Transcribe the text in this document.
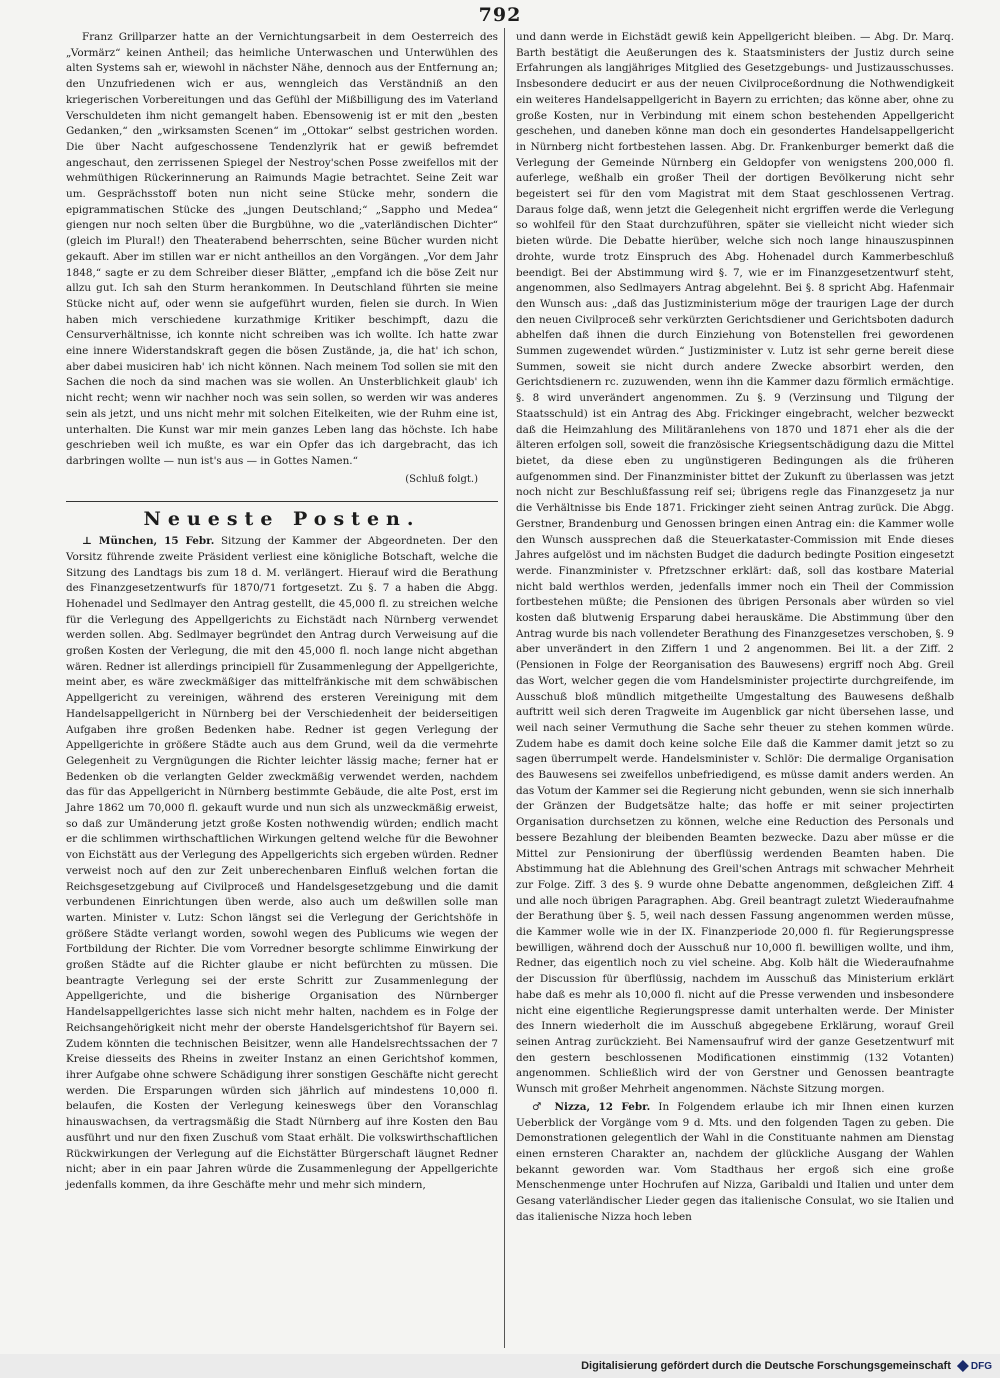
792

Franz Grillparzer hatte an der Vernichtungsarbeit in dem Oesterreich des „Vormärz“ keinen Antheil; das heimliche Unterwaschen und Unterwühlen des alten Systems sah er, wiewohl in nächster Nähe, dennoch aus der Entfernung an; den Unzufriedenen wich er aus, wenngleich das Verständniß an den kriegerischen Vorbereitungen und das Gefühl der Mißbilligung des im Vaterland Verschuldeten ihm nicht gemangelt haben. Ebensowenig ist er mit den „besten Gedanken,“ den „wirksamsten Scenen“ im „Ottokar“ selbst gestrichen worden. Die über Nacht aufgeschossene Tendenzlyrik hat er gewiß befremdet angeschaut, den zerrissenen Spiegel der Nestroy'schen Posse zweifellos mit der wehmüthigen Rückerinnerung an Raimunds Magie betrachtet. Seine Zeit war um. Gesprächsstoff boten nun nicht seine Stücke mehr, sondern die epigrammatischen Stücke des „jungen Deutschland;“ „Sappho und Medea“ giengen nur noch selten über die Burgbühne, wo die „vaterländischen Dichter“ (gleich im Plural!) den Theaterabend beherrschten, seine Bücher wurden nicht gekauft. Aber im stillen war er nicht antheillos an den Vorgängen. „Vor dem Jahr 1848,“ sagte er zu dem Schreiber dieser Blätter, „empfand ich die böse Zeit nur allzu gut. Ich sah den Sturm herankommen. In Deutschland führten sie meine Stücke nicht auf, oder wenn sie aufgeführt wurden, fielen sie durch. In Wien haben mich verschiedene kurzathmige Kritiker beschimpft, dazu die Censurverhältnisse, ich konnte nicht schreiben was ich wollte. Ich hatte zwar eine innere Widerstandskraft gegen die bösen Zustände, ja, die hat' ich schon, aber dabei musiciren hab' ich nicht können. Nach meinem Tod sollen sie mit den Sachen die noch da sind machen was sie wollen. An Unsterblichkeit glaub' ich nicht recht; wenn wir nachher noch was sein sollen, so werden wir was anderes sein als jetzt, und uns nicht mehr mit solchen Eitelkeiten, wie der Ruhm eine ist, unterhalten. Die Kunst war mir mein ganzes Leben lang das höchste. Ich habe geschrieben weil ich mußte, es war ein Opfer das ich dargebracht, das ich darbringen wollte — nun ist's aus — in Gottes Namen.“

(Schluß folgt.)
Neueste Posten.

⊥ München, 15 Febr. Sitzung der Kammer der Abgeordneten. Der den Vorsitz führende zweite Präsident verliest eine königliche Botschaft, welche die Sitzung des Landtags bis zum 18 d. M. verlängert. Hierauf wird die Berathung des Finanzgesetzentwurfs für 1870/71 fortgesetzt. Zu §. 7 a haben die Abgg. Hohenadel und Sedlmayer den Antrag gestellt, die 45,000 fl. zu streichen welche für die Verlegung des Appellgerichts zu Eichstädt nach Nürnberg verwendet werden sollen. Abg. Sedlmayer begründet den Antrag durch Verweisung auf die großen Kosten der Verlegung, die mit den 45,000 fl. noch lange nicht abgethan wären. Redner ist allerdings principiell für Zusammenlegung der Appellgerichte, meint aber, es wäre zweckmäßiger das mittelfränkische mit dem schwäbischen Appellgericht zu vereinigen, während des ersteren Vereinigung mit dem Handelsappellgericht in Nürnberg bei der Verschiedenheit der beiderseitigen Aufgaben ihre großen Bedenken habe. Redner ist gegen Verlegung der Appellgerichte in größere Städte auch aus dem Grund, weil da die vermehrte Gelegenheit zu Vergnügungen die Richter leichter lässig mache; ferner hat er Bedenken ob die verlangten Gelder zweckmäßig verwendet werden, nachdem das für das Appellgericht in Nürnberg bestimmte Gebäude, die alte Post, erst im Jahre 1862 um 70,000 fl. gekauft wurde und nun sich als unzweckmäßig erweist, so daß zur Umänderung jetzt große Kosten nothwendig würden; endlich macht er die schlimmen wirthschaftlichen Wirkungen geltend welche für die Bewohner von Eichstätt aus der Verlegung des Appellgerichts sich ergeben würden. Redner verweist noch auf den zur Zeit unberechenbaren Einfluß welchen fortan die Reichsgesetzgebung auf Civilproceß und Handelsgesetzgebung und die damit verbundenen Einrichtungen üben werde, also auch um deßwillen solle man warten. Minister v. Lutz: Schon längst sei die Verlegung der Gerichtshöfe in größere Städte verlangt worden, sowohl wegen des Publicums wie wegen der Fortbildung der Richter. Die vom Vorredner besorgte schlimme Einwirkung der großen Städte auf die Richter glaube er nicht befürchten zu müssen. Die beantragte Verlegung sei der erste Schritt zur Zusammenlegung der Appellgerichte, und die bisherige Organisation des Nürnberger Handelsappellgerichtes lasse sich nicht mehr halten, nachdem es in Folge der Reichsangehörigkeit nicht mehr der oberste Handelsgerichtshof für Bayern sei. Zudem könnten die technischen Beisitzer, wenn alle Handelsrechtssachen der 7 Kreise diesseits des Rheins in zweiter Instanz an einen Gerichtshof kommen, ihrer Aufgabe ohne schwere Schädigung ihrer sonstigen Geschäfte nicht gerecht werden. Die Ersparungen würden sich jährlich auf mindestens 10,000 fl. belaufen, die Kosten der Verlegung keineswegs über den Voranschlag hinauswachsen, da vertragsmäßig die Stadt Nürnberg auf ihre Kosten den Bau ausführt und nur den fixen Zuschuß vom Staat erhält. Die volkswirthschaftlichen Rückwirkungen der Verlegung auf die Eichstätter Bürgerschaft läugnet Redner nicht; aber in ein paar Jahren würde die Zusammenlegung der Appellgerichte jedenfalls kommen, da ihre Geschäfte mehr und mehr sich mindern,

und dann werde in Eichstädt gewiß kein Appellgericht bleiben. — Abg. Dr. Marq. Barth bestätigt die Aeußerungen des k. Staatsministers der Justiz durch seine Erfahrungen als langjähriges Mitglied des Gesetzgebungs- und Justizausschusses. Insbesondere deducirt er aus der neuen Civilproceßordnung die Nothwendigkeit ein weiteres Handelsappellgericht in Bayern zu errichten; das könne aber, ohne zu große Kosten, nur in Verbindung mit einem schon bestehenden Appellgericht geschehen, und daneben könne man doch ein gesondertes Handelsappellgericht in Nürnberg nicht fortbestehen lassen. Abg. Dr. Frankenburger bemerkt daß die Verlegung der Gemeinde Nürnberg ein Geldopfer von wenigstens 200,000 fl. auferlege, weßhalb ein großer Theil der dortigen Bevölkerung nicht sehr begeistert sei für den vom Magistrat mit dem Staat geschlossenen Vertrag. Daraus folge daß, wenn jetzt die Gelegenheit nicht ergriffen werde die Verlegung so wohlfeil für den Staat durchzuführen, später sie vielleicht nicht wieder sich bieten würde. Die Debatte hierüber, welche sich noch lange hinauszuspinnen drohte, wurde trotz Einspruch des Abg. Hohenadel durch Kammerbeschluß beendigt. Bei der Abstimmung wird §. 7, wie er im Finanzgesetzentwurf steht, angenommen, also Sedlmayers Antrag abgelehnt. Bei §. 8 spricht Abg. Hafenmair den Wunsch aus: „daß das Justizministerium möge der traurigen Lage der durch den neuen Civilproceß sehr verkürzten Gerichtsdiener und Gerichtsboten dadurch abhelfen daß ihnen die durch Einziehung von Botenstellen frei gewordenen Summen zugewendet würden.“ Justizminister v. Lutz ist sehr gerne bereit diese Summen, soweit sie nicht durch andere Zwecke absorbirt werden, den Gerichtsdienern rc. zuzuwenden, wenn ihn die Kammer dazu förmlich ermächtige. §. 8 wird unverändert angenommen. Zu §. 9 (Verzinsung und Tilgung der Staatsschuld) ist ein Antrag des Abg. Frickinger eingebracht, welcher bezweckt daß die Heimzahlung des Militäranlehens von 1870 und 1871 eher als die der älteren erfolgen soll, soweit die französische Kriegsentschädigung dazu die Mittel bietet, da diese eben zu ungünstigeren Bedingungen als die früheren aufgenommen sind. Der Finanzminister bittet der Zukunft zu überlassen was jetzt noch nicht zur Beschlußfassung reif sei; übrigens regle das Finanzgesetz ja nur die Verhältnisse bis Ende 1871. Frickinger zieht seinen Antrag zurück. Die Abgg. Gerstner, Brandenburg und Genossen bringen einen Antrag ein: die Kammer wolle den Wunsch aussprechen daß die Steuerkataster-Commission mit Ende dieses Jahres aufgelöst und im nächsten Budget die dadurch bedingte Position eingesetzt werde. Finanzminister v. Pfretzschner erklärt: daß, soll das kostbare Material nicht bald werthlos werden, jedenfalls immer noch ein Theil der Commission fortbestehen müßte; die Pensionen des übrigen Personals aber würden so viel kosten daß blutwenig Ersparung dabei herauskäme. Die Abstimmung über den Antrag wurde bis nach vollendeter Berathung des Finanzgesetzes verschoben, §. 9 aber unverändert in den Ziffern 1 und 2 angenommen. Bei lit. a der Ziff. 2 (Pensionen in Folge der Reorganisation des Bauwesens) ergriff noch Abg. Greil das Wort, welcher gegen die vom Handelsminister projectirte durchgreifende, im Ausschuß bloß mündlich mitgetheilte Umgestaltung des Bauwesens deßhalb auftritt weil sich deren Tragweite im Augenblick gar nicht übersehen lasse, und weil nach seiner Vermuthung die Sache sehr theuer zu stehen kommen würde. Zudem habe es damit doch keine solche Eile daß die Kammer damit jetzt so zu sagen überrumpelt werde. Handelsminister v. Schlör: Die dermalige Organisation des Bauwesens sei zweifellos unbefriedigend, es müsse damit anders werden. An das Votum der Kammer sei die Regierung nicht gebunden, wenn sie sich innerhalb der Gränzen der Budgetsätze halte; das hoffe er mit seiner projectirten Organisation durchsetzen zu können, welche eine Reduction des Personals und bessere Bezahlung der bleibenden Beamten bezwecke. Dazu aber müsse er die Mittel zur Pensionirung der überflüssig werdenden Beamten haben. Die Abstimmung hat die Ablehnung des Greil'schen Antrags mit schwacher Mehrheit zur Folge. Ziff. 3 des §. 9 wurde ohne Debatte angenommen, deßgleichen Ziff. 4 und alle noch übrigen Paragraphen. Abg. Greil beantragt zuletzt Wiederaufnahme der Berathung über §. 5, weil nach dessen Fassung angenommen werden müsse, die Kammer wolle wie in der IX. Finanzperiode 20,000 fl. für Regierungspresse bewilligen, während doch der Ausschuß nur 10,000 fl. bewilligen wollte, und ihm, Redner, das eigentlich noch zu viel scheine. Abg. Kolb hält die Wiederaufnahme der Discussion für überflüssig, nachdem im Ausschuß das Ministerium erklärt habe daß es mehr als 10,000 fl. nicht auf die Presse verwenden und insbesondere nicht eine eigentliche Regierungspresse damit unterhalten werde. Der Minister des Innern wiederholt die im Ausschuß abgegebene Erklärung, worauf Greil seinen Antrag zurückzieht. Bei Namensaufruf wird der ganze Gesetzentwurf mit den gestern beschlossenen Modificationen einstimmig (132 Votanten) angenommen. Schließlich wird der von Gerstner und Genossen beantragte Wunsch mit großer Mehrheit angenommen. Nächste Sitzung morgen.

♂ Nizza, 12 Febr. In Folgendem erlaube ich mir Ihnen einen kurzen Ueberblick der Vorgänge vom 9 d. Mts. und den folgenden Tagen zu geben. Die Demonstrationen gelegentlich der Wahl in die Constituante nahmen am Dienstag einen ernsteren Charakter an, nachdem der glückliche Ausgang der Wahlen bekannt geworden war. Vom Stadthaus her ergoß sich eine große Menschenmenge unter Hochrufen auf Nizza, Garibaldi und Italien und unter dem Gesang vaterländischer Lieder gegen das italienische Consulat, wo sie Italien und das italienische Nizza hoch leben

Digitalisierung gefördert durch die Deutsche Forschungsgemeinschaft DFG
